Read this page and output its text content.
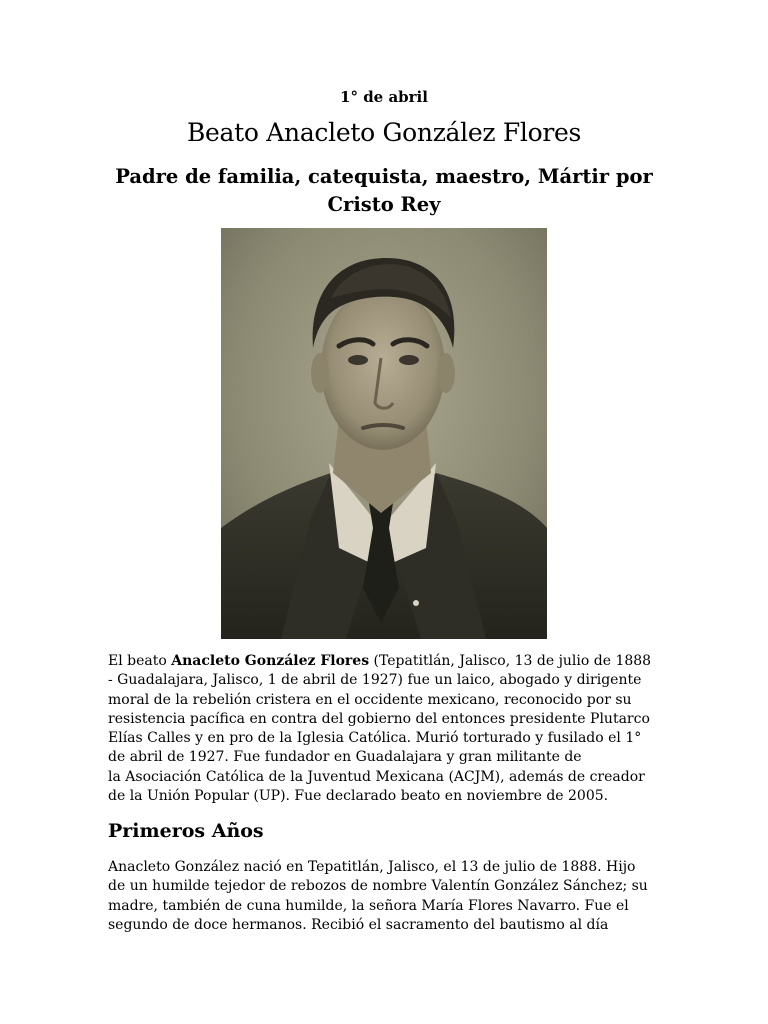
1° de abril
Beato Anacleto González Flores
Padre de familia, catequista, maestro, Mártir por
Cristo Rey

El beato Anacleto González Flores (Tepatitlán, Jalisco, 13 de julio de 1888
- Guadalajara, Jalisco, 1 de abril de 1927) fue un laico, abogado y dirigente
moral de la rebelión cristera en el occidente mexicano, reconocido por su
resistencia pacífica en contra del gobierno del entonces presidente Plutarco
Elías Calles y en pro de la Iglesia Católica. Murió torturado y fusilado el 1°
de abril de 1927. Fue fundador en Guadalajara y gran militante de
la Asociación Católica de la Juventud Mexicana (ACJM), además de creador
de la Unión Popular (UP). Fue declarado beato en noviembre de 2005.

Primeros Años

Anacleto González nació en Tepatitlán, Jalisco, el 13 de julio de 1888. Hijo
de un humilde tejedor de rebozos de nombre Valentín González Sánchez; su
madre, también de cuna humilde, la señora María Flores Navarro. Fue el
segundo de doce hermanos. Recibió el sacramento del bautismo al día
